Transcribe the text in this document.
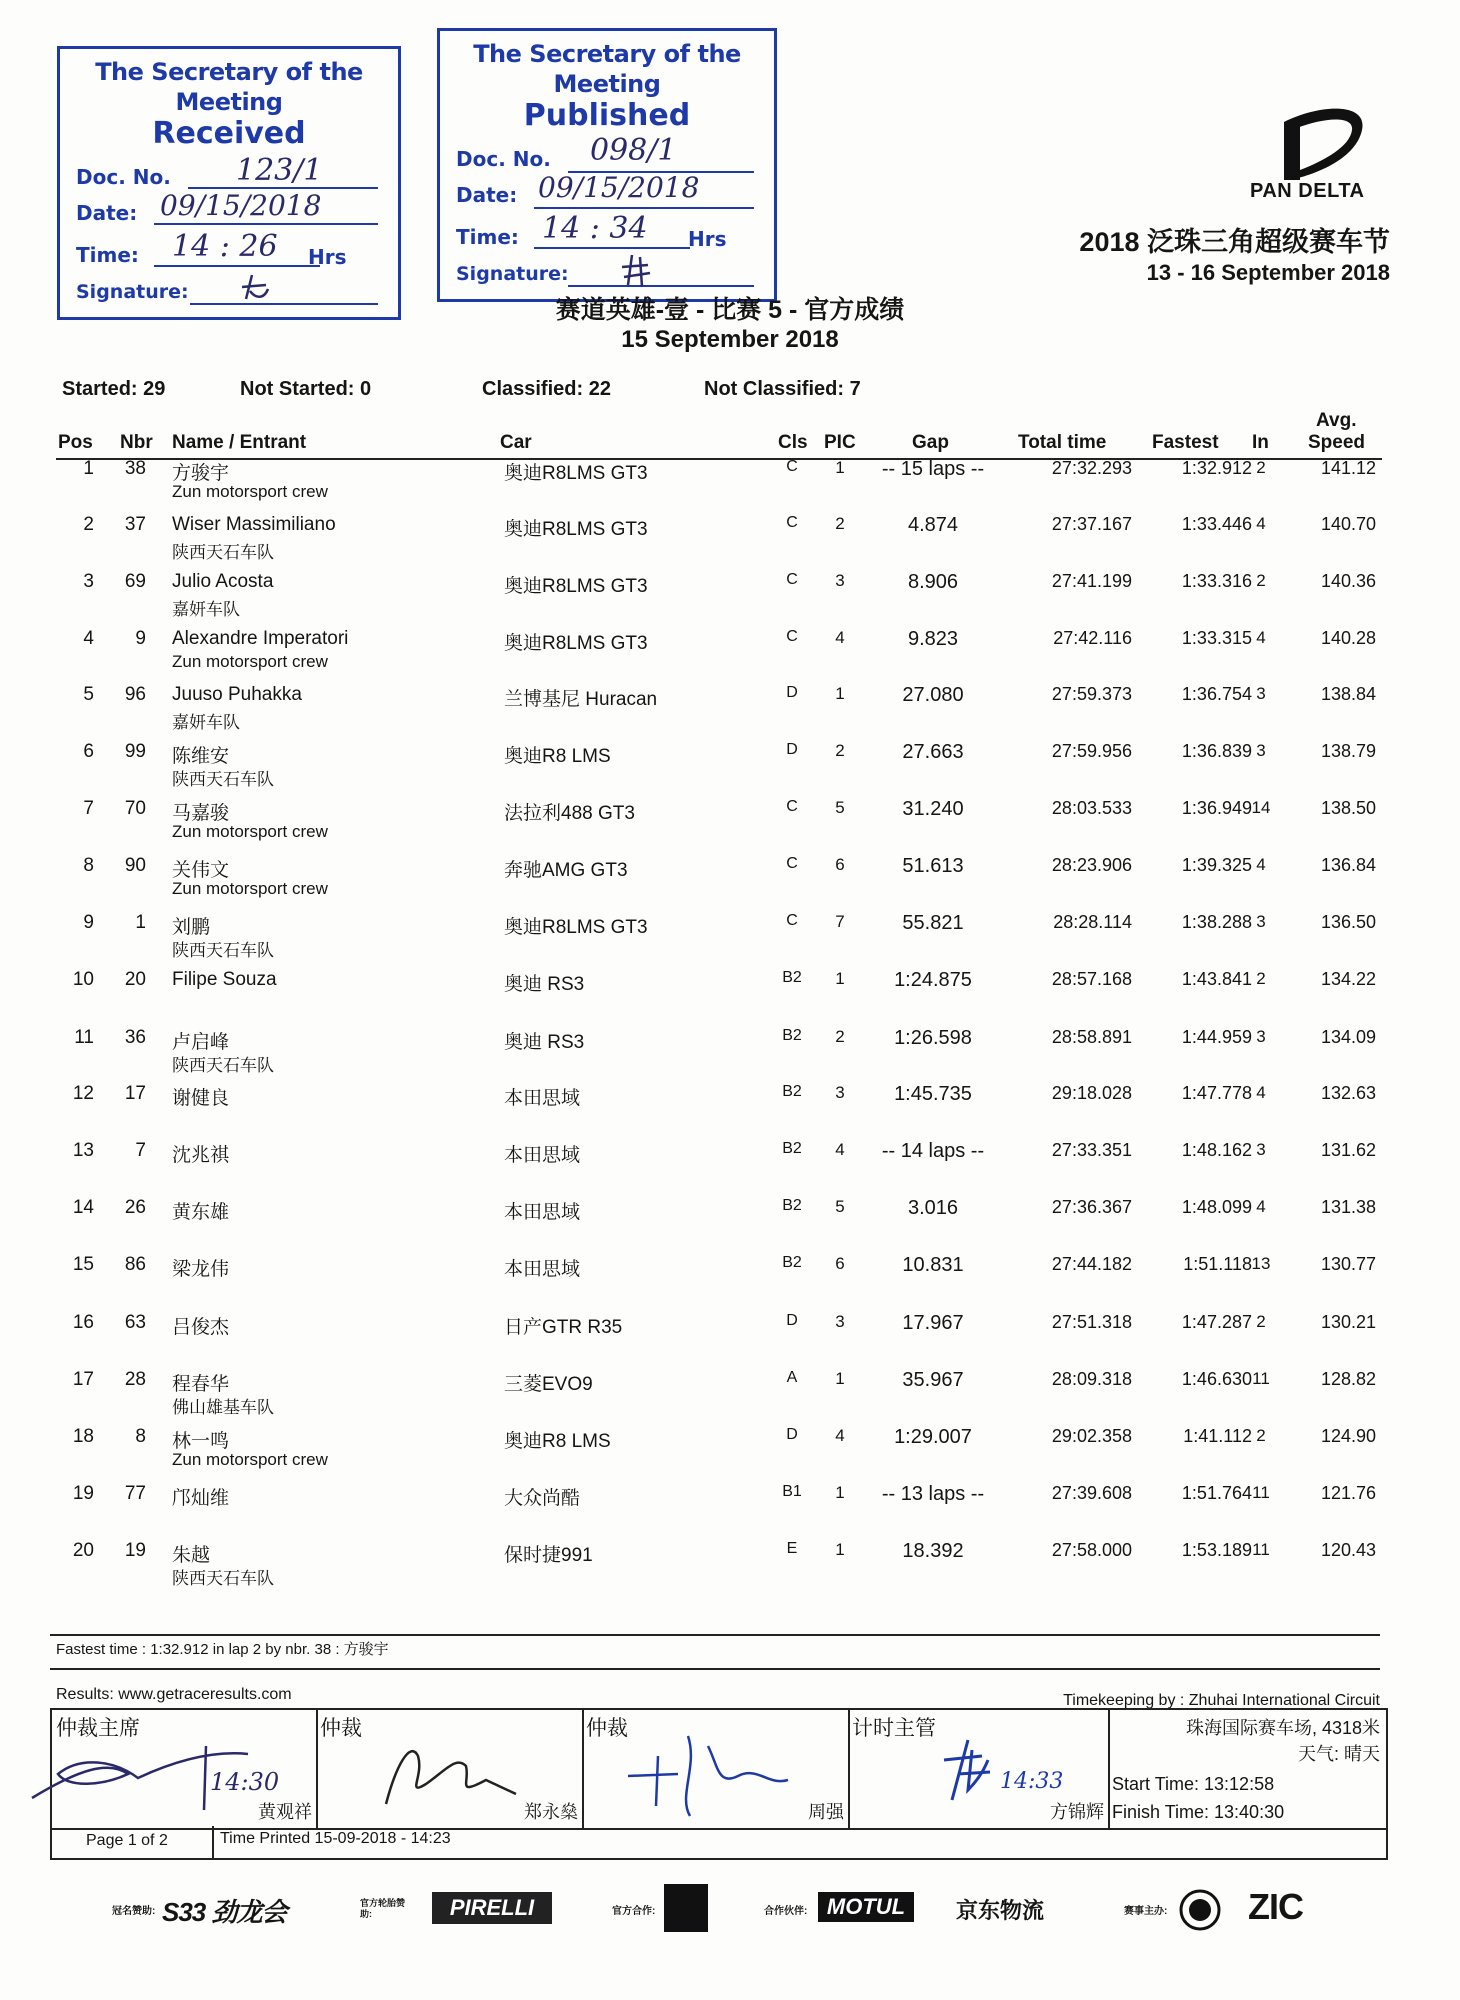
The Secretary of the Meeting
Received
Doc. No. 123/1
Date: 09/15/2018
Time: 14 : 26 Hrs
Signature:
The Secretary of the Meeting
Published
Doc. No. 098/1
Date: 09/15/2018
Time: 14 : 34 Hrs
Signature:
PAN DELTA
2018 泛珠三角超级赛车节
13 - 16 September 2018
赛道英雄-壹 - 比赛 5 - 官方成绩
15 September 2018
Started: 29	Not Started: 0	Classified: 22	Not Classified: 7
Pos Nbr Name / Entrant	Car	Cls PIC	Gap	Total time Fastest In
Avg.
Speed
1	38 方骏宇
Zun motorsport crew
奥迪R8LMS GT3	C	1	-- 15 laps --	27:32.293	1:32.912 2	141.12
2	37 Wiser Massimiliano
陕西天石车队
奥迪R8LMS GT3	C	2	4.874	27:37.167	1:33.446 4	140.70
3	69 Julio Acosta
嘉妍车队
奥迪R8LMS GT3	C	3	8.906	27:41.199	1:33.316 2	140.36
4	9 Alexandre Imperatori
Zun motorsport crew
奥迪R8LMS GT3	C	4	9.823	27:42.116	1:33.315 4	140.28
5	96 Juuso Puhakka
嘉妍车队
兰博基尼 Huracan	D	1	27.080	27:59.373	1:36.754 3	138.84
6	99 陈维安
陕西天石车队
奥迪R8 LMS	D	2	27.663	27:59.956	1:36.839 3	138.79
7	70 马嘉骏
Zun motorsport crew
法拉利488 GT3	C	5	31.240	28:03.533	1:36.949 14	138.50
8	90 关伟文
Zun motorsport crew
奔驰AMG GT3	C	6	51.613	28:23.906	1:39.325 4	136.84
9	1 刘鹏
陕西天石车队
奥迪R8LMS GT3	C	7	55.821	28:28.114	1:38.288 3	136.50
10	20 Filipe Souza	奥迪 RS3	B2	1	1:24.875	28:57.168	1:43.841 2	134.22
11	36 卢启峰
陕西天石车队
奥迪 RS3	B2	2	1:26.598	28:58.891	1:44.959 3	134.09
12	17 谢健良	本田思域	B2	3	1:45.735	29:18.028	1:47.778 4	132.63
13	7 沈兆祺	本田思域	B2	4	-- 14 laps --	27:33.351	1:48.162 3	131.62
14	26 黄东雄	本田思域	B2	5	3.016	27:36.367	1:48.099 4	131.38
15	86 梁龙伟	本田思域	B2	6	10.831	27:44.182	1:51.118 13	130.77
16	63 吕俊杰	日产GTR R35	D	3	17.967	27:51.318	1:47.287 2	130.21
17	28 程春华
佛山雄基车队
三菱EVO9	A	1	35.967	28:09.318	1:46.630 11	128.82
18	8 林一鸣
Zun motorsport crew
奥迪R8 LMS	D	4	1:29.007	29:02.358	1:41.112 2	124.90
19	77 邝灿维	大众尚酷	B1	1	-- 13 laps --	27:39.608	1:51.764 11	121.76
20	19 朱越
陕西天石车队
保时捷991	E	1	18.392	27:58.000	1:53.189 11	120.43
Fastest time : 1:32.912 in lap 2 by nbr. 38 : 方骏宇
Results: www.getraceresults.com	Timekeeping by : Zhuhai International Circuit
仲裁主席
14:30
黄观祥
仲裁
郑永燊
仲裁
周强
计时主管
14:33
方锦辉
珠海国际赛车场, 4318米
天气: 晴天
Start Time: 13:12:58
Finish Time: 13:40:30
Page 1 of 2	Time Printed 15-09-2018 - 14:23
冠名赞助: S33 劲龙会	官方轮胎赞助:	PIRELLI	官方合作:	合作伙伴: MOTUL	京东物流	赛事主办: ZIC
